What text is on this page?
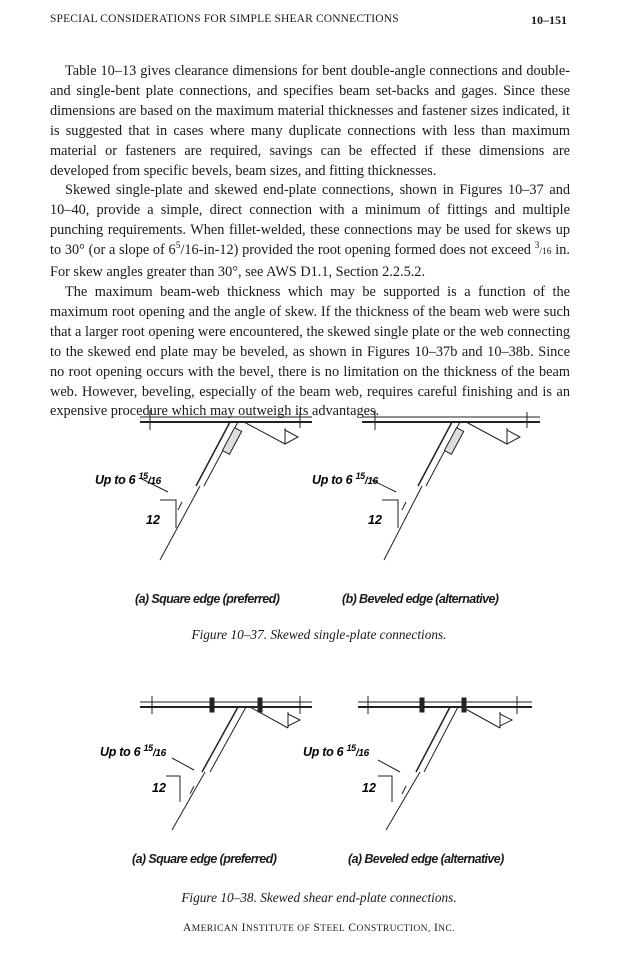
SPECIAL CONSIDERATIONS FOR SIMPLE SHEAR CONNECTIONS	10–151

Table 10–13 gives clearance dimensions for bent double-angle connections and double- and single-bent plate connections, and specifies beam set-backs and gages. Since these dimensions are based on the maximum material thicknesses and fastener sizes indicated, it is suggested that in cases where many duplicate connections with less than maximum material or fasteners are required, savings can be effected if these dimensions are developed from specific bevels, beam sizes, and fitting thicknesses.

Skewed single-plate and skewed end-plate connections, shown in Figures 10–37 and 10–40, provide a simple, direct connection with a minimum of fittings and multiple punching requirements. When fillet-welded, these connections may be used for skews up to 30° (or a slope of $6^5/16-in-12$) provided the root opening formed does not exceed $^3$/16 in. For skew angles greater than 30°, see AWS D1.1, Section 2.2.5.2.

The maximum beam-web thickness which may be supported is a function of the maximum root opening and the angle of skew. If the thickness of the beam web were such that a larger root opening were encountered, the skewed single plate or the web connecting to the skewed end plate may be beveled, as shown in Figures 10–37b and 10–38b. Since no root opening occurs with the bevel, there is no limitation on the thickness of the beam web. However, beveling, especially of the beam web, requires careful finishing and is an expensive procedure which may outweigh its advantages.

Up to 6 $^{15}_{/16}$
12
Up to 6 $^{15}_{/16}$
12
(a) Square edge (preferred)	(b) Beveled edge (alternative)
Figure 10–37. Skewed single-plate connections.
Up to 6 $^{15}_{/16}$
12
Up to 6 $^{15}_{/16}$
12
(a) Square edge (preferred)	(a) Beveled edge (alternative)
Figure 10–38. Skewed shear end-plate connections.
AMERICAN INSTITUTE OF STEEL CONSTRUCTION, INC.
